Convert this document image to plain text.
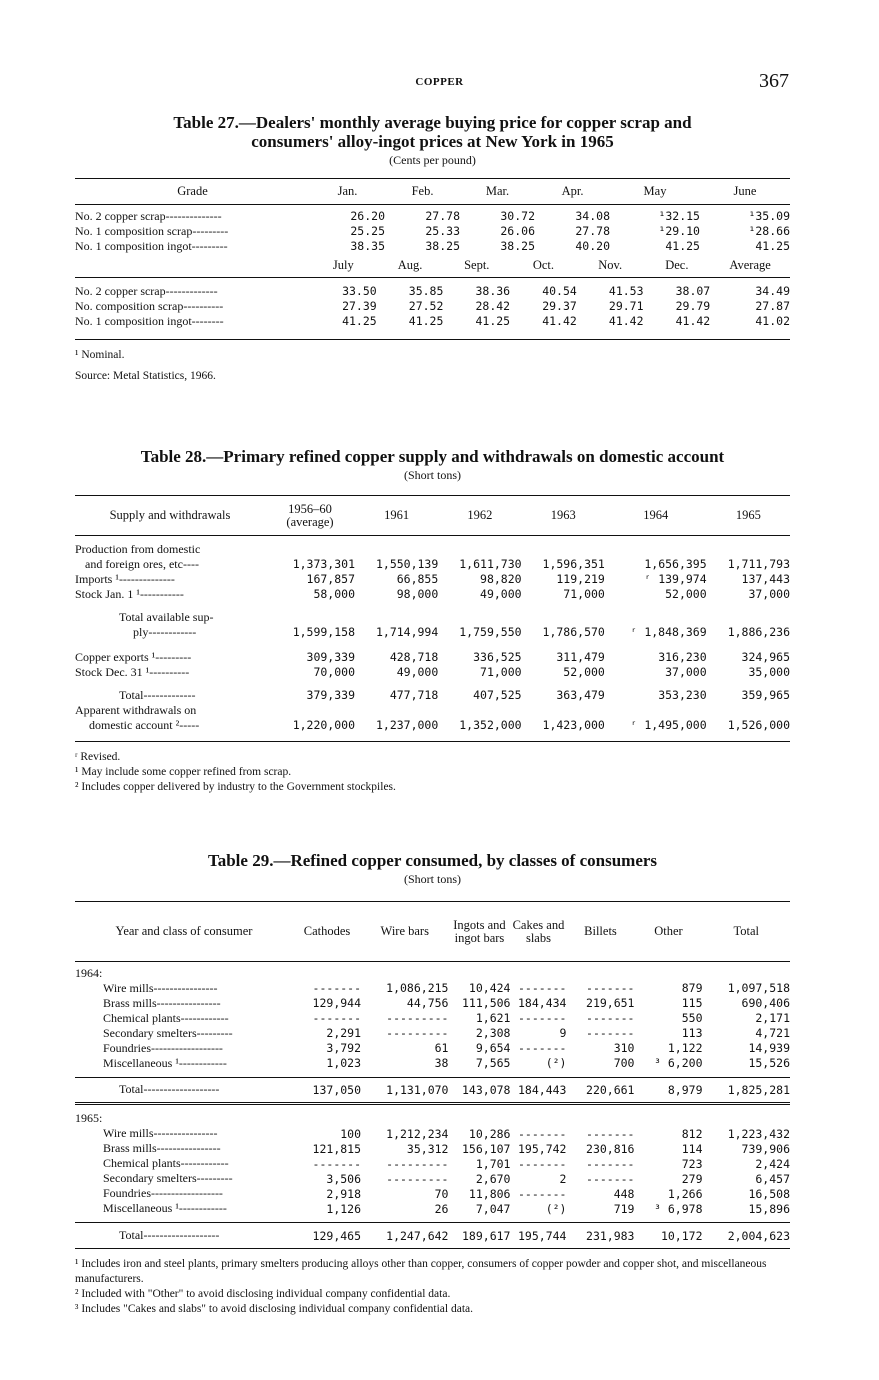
COPPER	367
Table 27.—Dealers' monthly average buying price for copper scrap and
consumers' alloy-ingot prices at New York in 1965
(Cents per pound)
Grade	Jan.	Feb.	Mar.	Apr.	May	June

No. 2 copper scrap--------------	26.20	27.78	30.72	34.08	¹32.15	¹35.09
No. 1 composition scrap---------	25.25	25.33	26.06	27.78	¹29.10	¹28.66
No. 1 composition ingot---------	38.35	38.25	38.25	40.20	41.25	41.25
	July	Aug.	Sept.	Oct.	Nov.	Dec.	Average

No. 2 copper scrap-------------	33.50	35.85	38.36	40.54	41.53	38.07	34.49
No. composition scrap----------	27.39	27.52	28.42	29.37	29.71	29.79	27.87
No. 1 composition ingot--------	41.25	41.25	41.25	41.42	41.42	41.42	41.02
¹ Nominal.
Source: Metal Statistics, 1966.
Table 28.—Primary refined copper supply and withdrawals on domestic account
(Short tons)
Supply and withdrawals	1956–60 (average)	1961	1962	1963	1964	1965

Production from domestic						
and foreign ores, etc----	1,373,301	1,550,139	1,611,730	1,596,351	1,656,395	1,711,793
Imports ¹--------------	167,857	66,855	98,820	119,219	ʳ 139,974	137,443
Stock Jan. 1 ¹-----------	58,000	98,000	49,000	71,000	52,000	37,000

Total available sup-						
ply------------	1,599,158	1,714,994	1,759,550	1,786,570	ʳ 1,848,369	1,886,236

Copper exports ¹---------	309,339	428,718	336,525	311,479	316,230	324,965
Stock Dec. 31 ¹----------	70,000	49,000	71,000	52,000	37,000	35,000

Total-------------	379,339	477,718	407,525	363,479	353,230	359,965
Apparent withdrawals on						
domestic account ²-----	1,220,000	1,237,000	1,352,000	1,423,000	ʳ 1,495,000	1,526,000
ʳ Revised.
¹ May include some copper refined from scrap.
² Includes copper delivered by industry to the Government stockpiles.
Table 29.—Refined copper consumed, by classes of consumers
(Short tons)
Year and class of consumer	Cathodes	Wire bars	Ingots and ingot bars	Cakes and slabs	Billets	Other	Total

1964:							
Wire mills----------------	-------	1,086,215	10,424	-------	-------	879	1,097,518
Brass mills----------------	129,944	44,756	111,506	184,434	219,651	115	690,406
Chemical plants------------	-------	---------	1,621	-------	-------	550	2,171
Secondary smelters---------	2,291	---------	2,308	9	-------	113	4,721
Foundries------------------	3,792	61	9,654	-------	310	1,122	14,939
Miscellaneous ¹------------	1,023	38	7,565	(²)	700	³ 6,200	15,526
Total-------------------	137,050	1,131,070	143,078	184,443	220,661	8,979	1,825,281

1965:							
Wire mills----------------	100	1,212,234	10,286	-------	-------	812	1,223,432
Brass mills----------------	121,815	35,312	156,107	195,742	230,816	114	739,906
Chemical plants------------	-------	---------	1,701	-------	-------	723	2,424
Secondary smelters---------	3,506	---------	2,670	2	-------	279	6,457
Foundries------------------	2,918	70	11,806	-------	448	1,266	16,508
Miscellaneous ¹------------	1,126	26	7,047	(²)	719	³ 6,978	15,896
Total-------------------	129,465	1,247,642	189,617	195,744	231,983	10,172	2,004,623
¹ Includes iron and steel plants, primary smelters producing alloys other than copper, consumers of copper powder and copper shot, and miscellaneous manufacturers.
² Included with "Other" to avoid disclosing individual company confidential data.
³ Includes "Cakes and slabs" to avoid disclosing individual company confidential data.
